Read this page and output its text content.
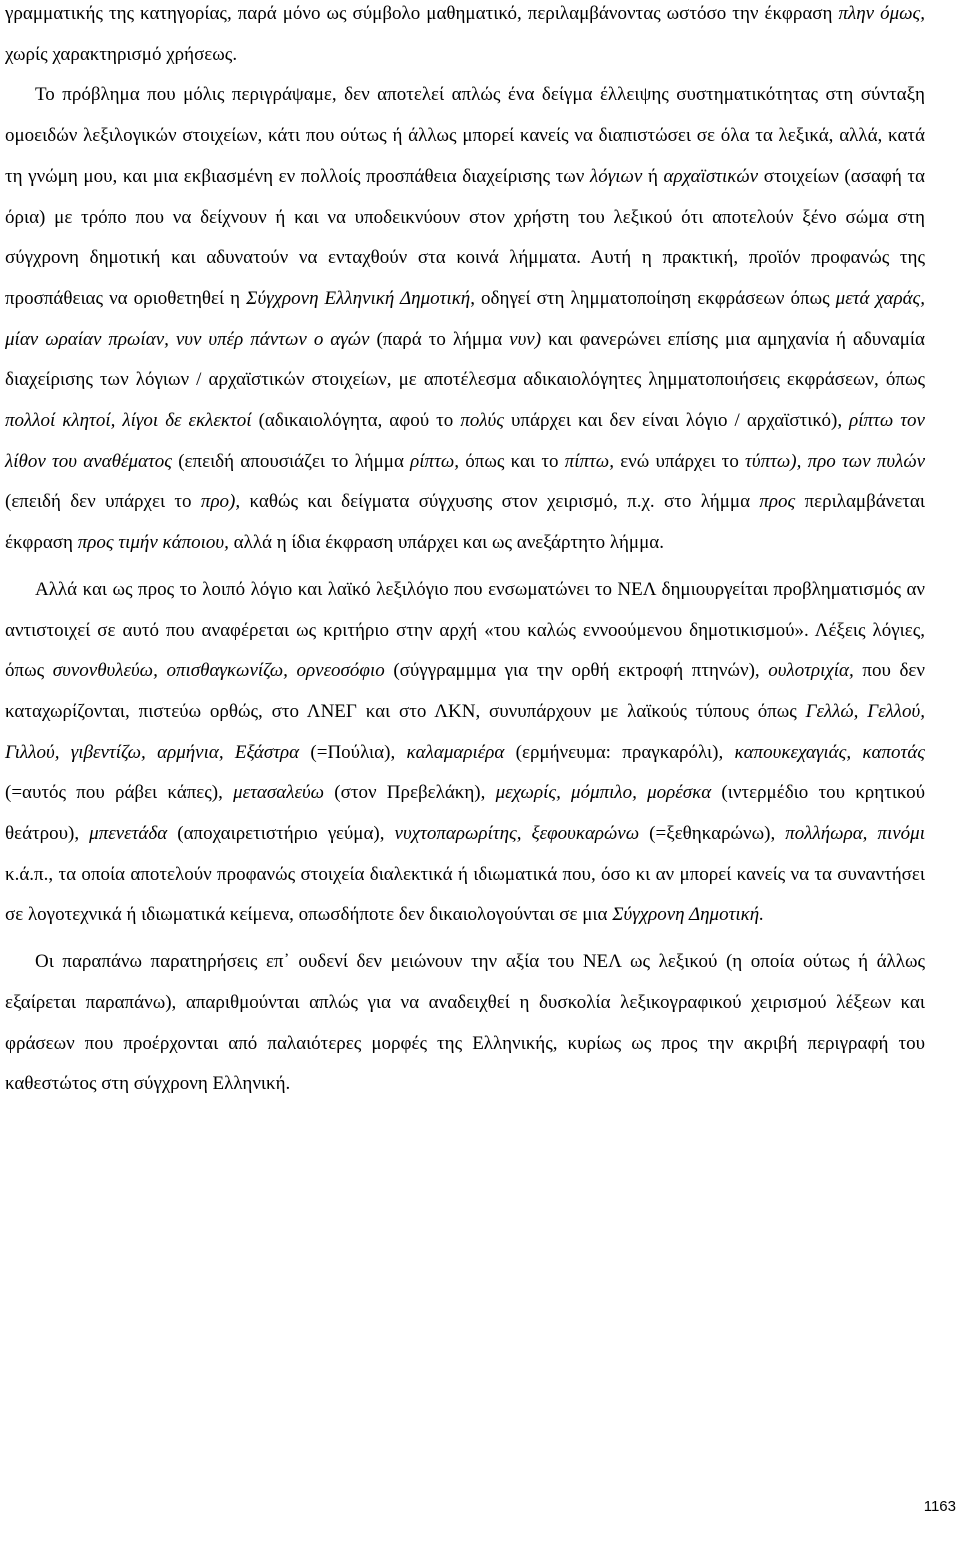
γραμματικής της κατηγορίας, παρά μόνο ως σύμβολο μαθηματικό, περιλαμβάνοντας ωστόσο την έκφραση πλην όμως, χωρίς χαρακτηρισμό χρήσεως.

Το πρόβλημα που μόλις περιγράψαμε, δεν αποτελεί απλώς ένα δείγμα έλλειψης συστηματικότητας στη σύνταξη ομοειδών λεξιλογικών στοιχείων, κάτι που ούτως ή άλλως μπορεί κανείς να διαπιστώσει σε όλα τα λεξικά, αλλά, κατά τη γνώμη μου, και μια εκβιασμένη εν πολλοίς προσπάθεια διαχείρισης των λόγιων ή αρχαϊστικών στοιχείων (ασαφή τα όρια) με τρόπο που να δείχνουν ή και να υποδεικνύουν στον χρήστη του λεξικού ότι αποτελούν ξένο σώμα στη σύγχρονη δημοτική και αδυνατούν να ενταχθούν στα κοινά λήμματα. Αυτή η πρακτική, προϊόν προφανώς της προσπάθειας να οριοθετηθεί η Σύγχρονη Ελληνική Δημοτική, οδηγεί στη λημματοποίηση εκφράσεων όπως μετά χαράς, μίαν ωραίαν πρωίαν, νυν υπέρ πάντων ο αγών (παρά το λήμμα νυν) και φανερώνει επίσης μια αμηχανία ή αδυναμία διαχείρισης των λόγιων / αρχαϊστικών στοιχείων, με αποτέλεσμα αδικαιολόγητες λημματοποιήσεις εκφράσεων, όπως πολλοί κλητοί, λίγοι δε εκλεκτοί (αδικαιολόγητα, αφού το πολύς υπάρχει και δεν είναι λόγιο / αρχαϊστικό), ρίπτω τον λίθον του αναθέματος (επειδή απουσιάζει το λήμμα ρίπτω, όπως και το πίπτω, ενώ υπάρχει το τύπτω), προ των πυλών (επειδή δεν υπάρχει το προ), καθώς και δείγματα σύγχυσης στον χειρισμό, π.χ. στο λήμμα προς περιλαμβάνεται έκφραση προς τιμήν κάποιου, αλλά η ίδια έκφραση υπάρχει και ως ανεξάρτητο λήμμα.

Αλλά και ως προς το λοιπό λόγιο και λαϊκό λεξιλόγιο που ενσωματώνει το ΝΕΛ δημιουργείται προβληματισμός αν αντιστοιχεί σε αυτό που αναφέρεται ως κριτήριο στην αρχή «του καλώς εννοούμενου δημοτικισμού». Λέξεις λόγιες, όπως συνονθυλεύω, οπισθαγκωνίζω, ορνεοσόφιο (σύγγραμμμα για την ορθή εκτροφή πτηνών), ουλοτριχία, που δεν καταχωρίζονται, πιστεύω ορθώς, στο ΛΝΕΓ και στο ΛΚΝ, συνυπάρχουν με λαϊκούς τύπους όπως Γελλώ, Γελλού, Γιλλού, γιβεντίζω, αρμήνια, Εξάστρα (=Πούλια), καλαμαριέρα (ερμήνευμα: πραγκαρόλι), καπουκεχαγιάς, καποτάς (=αυτός που ράβει κάπες), μετασαλεύω (στον Πρεβελάκη), μεχωρίς, μόμπιλο, μορέσκα (ιντερμέδιο του κρητικού θεάτρου), μπενετάδα (αποχαιρετιστήριο γεύμα), νυχτοπαρωρίτης, ξεφουκαρώνω (=ξεθηκαρώνω), πολλήωρα, πινόμι κ.ά.π., τα οποία αποτελούν προφανώς στοιχεία διαλεκτικά ή ιδιωματικά που, όσο κι αν μπορεί κανείς να τα συναντήσει σε λογοτεχνικά ή ιδιωματικά κείμενα, οπωσδήποτε δεν δικαιολογούνται σε μια Σύγχρονη Δημοτική.

Οι παραπάνω παρατηρήσεις επ᾽ ουδενί δεν μειώνουν την αξία του ΝΕΛ ως λεξικού (η οποία ούτως ή άλλως εξαίρεται παραπάνω), απαριθμούνται απλώς για να αναδειχθεί η δυσκολία λεξικογραφικού χειρισμού λέξεων και φράσεων που προέρχονται από παλαιότερες μορφές της Ελληνικής, κυρίως ως προς την ακριβή περιγραφή του καθεστώτος στη σύγχρονη Ελληνική.

1163
